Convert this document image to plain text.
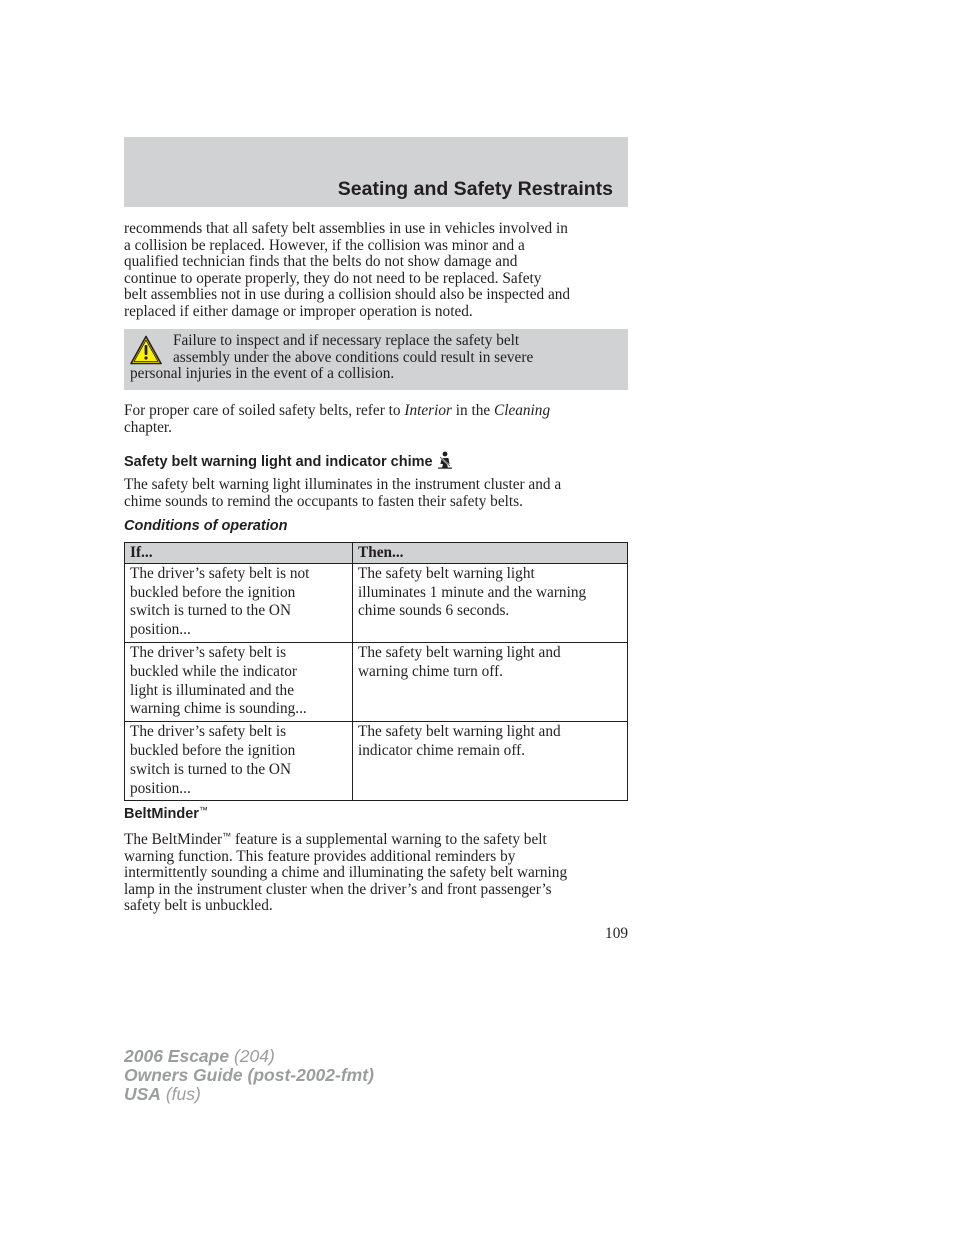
Seating and Safety Restraints

recommends that all safety belt assemblies in use in vehicles involved in
a collision be replaced. However, if the collision was minor and a
qualified technician finds that the belts do not show damage and
continue to operate properly, they do not need to be replaced. Safety
belt assemblies not in use during a collision should also be inspected and
replaced if either damage or improper operation is noted.

Failure to inspect and if necessary replace the safety belt
assembly under the above conditions could result in severe
personal injuries in the event of a collision.

For proper care of soiled safety belts, refer to Interior in the Cleaning
chapter.

Safety belt warning light and indicator chime

The safety belt warning light illuminates in the instrument cluster and a
chime sounds to remind the occupants to fasten their safety belts.

Conditions of operation
If...	Then...

The driver’s safety belt is not
buckled before the ignition
switch is turned to the ON
position...	The safety belt warning light
illuminates 1 minute and the warning
chime sounds 6 seconds.

The driver’s safety belt is
buckled while the indicator
light is illuminated and the
warning chime is sounding...	The safety belt warning light and
warning chime turn off.

The driver’s safety belt is
buckled before the ignition
switch is turned to the ON
position...	The safety belt warning light and
indicator chime remain off.
BeltMinder™

The BeltMinder™ feature is a supplemental warning to the safety belt
warning function. This feature provides additional reminders by
intermittently sounding a chime and illuminating the safety belt warning
lamp in the instrument cluster when the driver’s and front passenger’s
safety belt is unbuckled.

109
2006 Escape (204)
Owners Guide (post-2002-fmt)
USA (fus)
